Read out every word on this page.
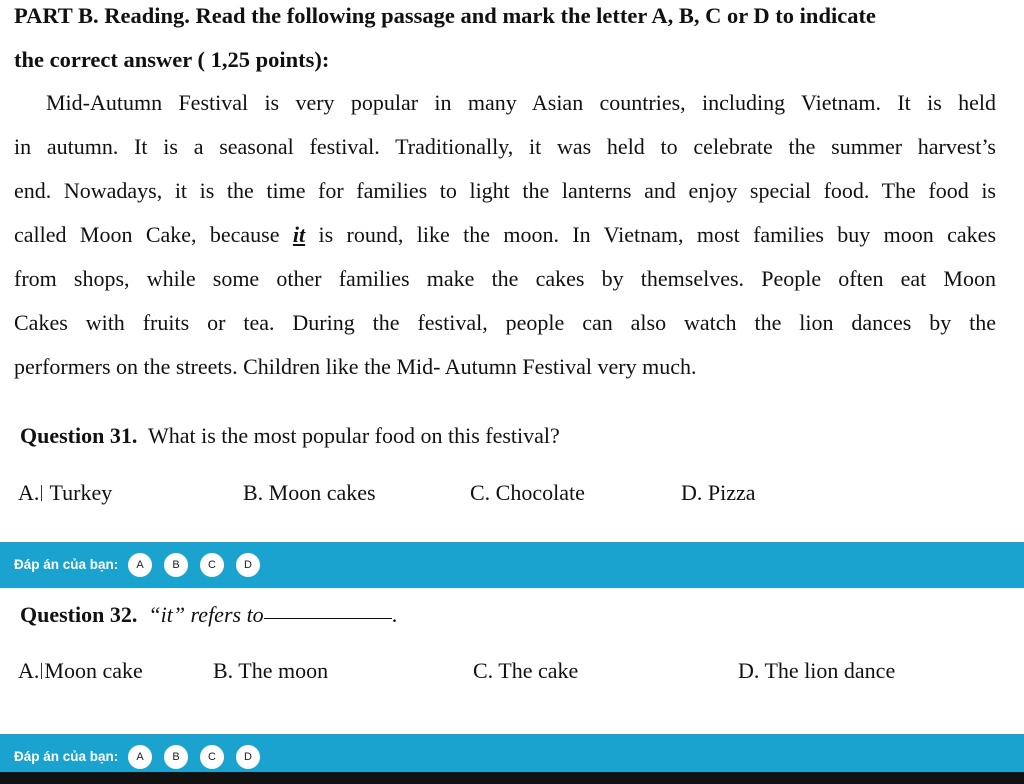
PART B. Reading. Read the following passage and mark the letter A, B, C or D to indicate
the correct answer ( 1,25 points):
Mid-Autumn Festival is very popular in many Asian countries, including Vietnam. It is held
in autumn. It is a seasonal festival. Traditionally, it was held to celebrate the summer harvest’s
end. Nowadays, it is the time for families to light the lanterns and enjoy special food. The food is
called Moon Cake, because it is round, like the moon. In Vietnam, most families buy moon cakes
from shops, while some other families make the cakes by themselves. People often eat Moon
Cakes with fruits or tea. During the festival, people can also watch the lion dances by the
performers on the streets. Children like the Mid- Autumn Festival very much.
Question 31. What is the most popular food on this festival?
A. Turkey	B. Moon cakes	C. Chocolate	D. Pizza
Đáp án của bạn:	A	B	C	D
Question 32. “it” refers to	.
A. Moon cake	B. The moon	C. The cake	D. The lion dance
Đáp án của bạn:	A	B	C	D
